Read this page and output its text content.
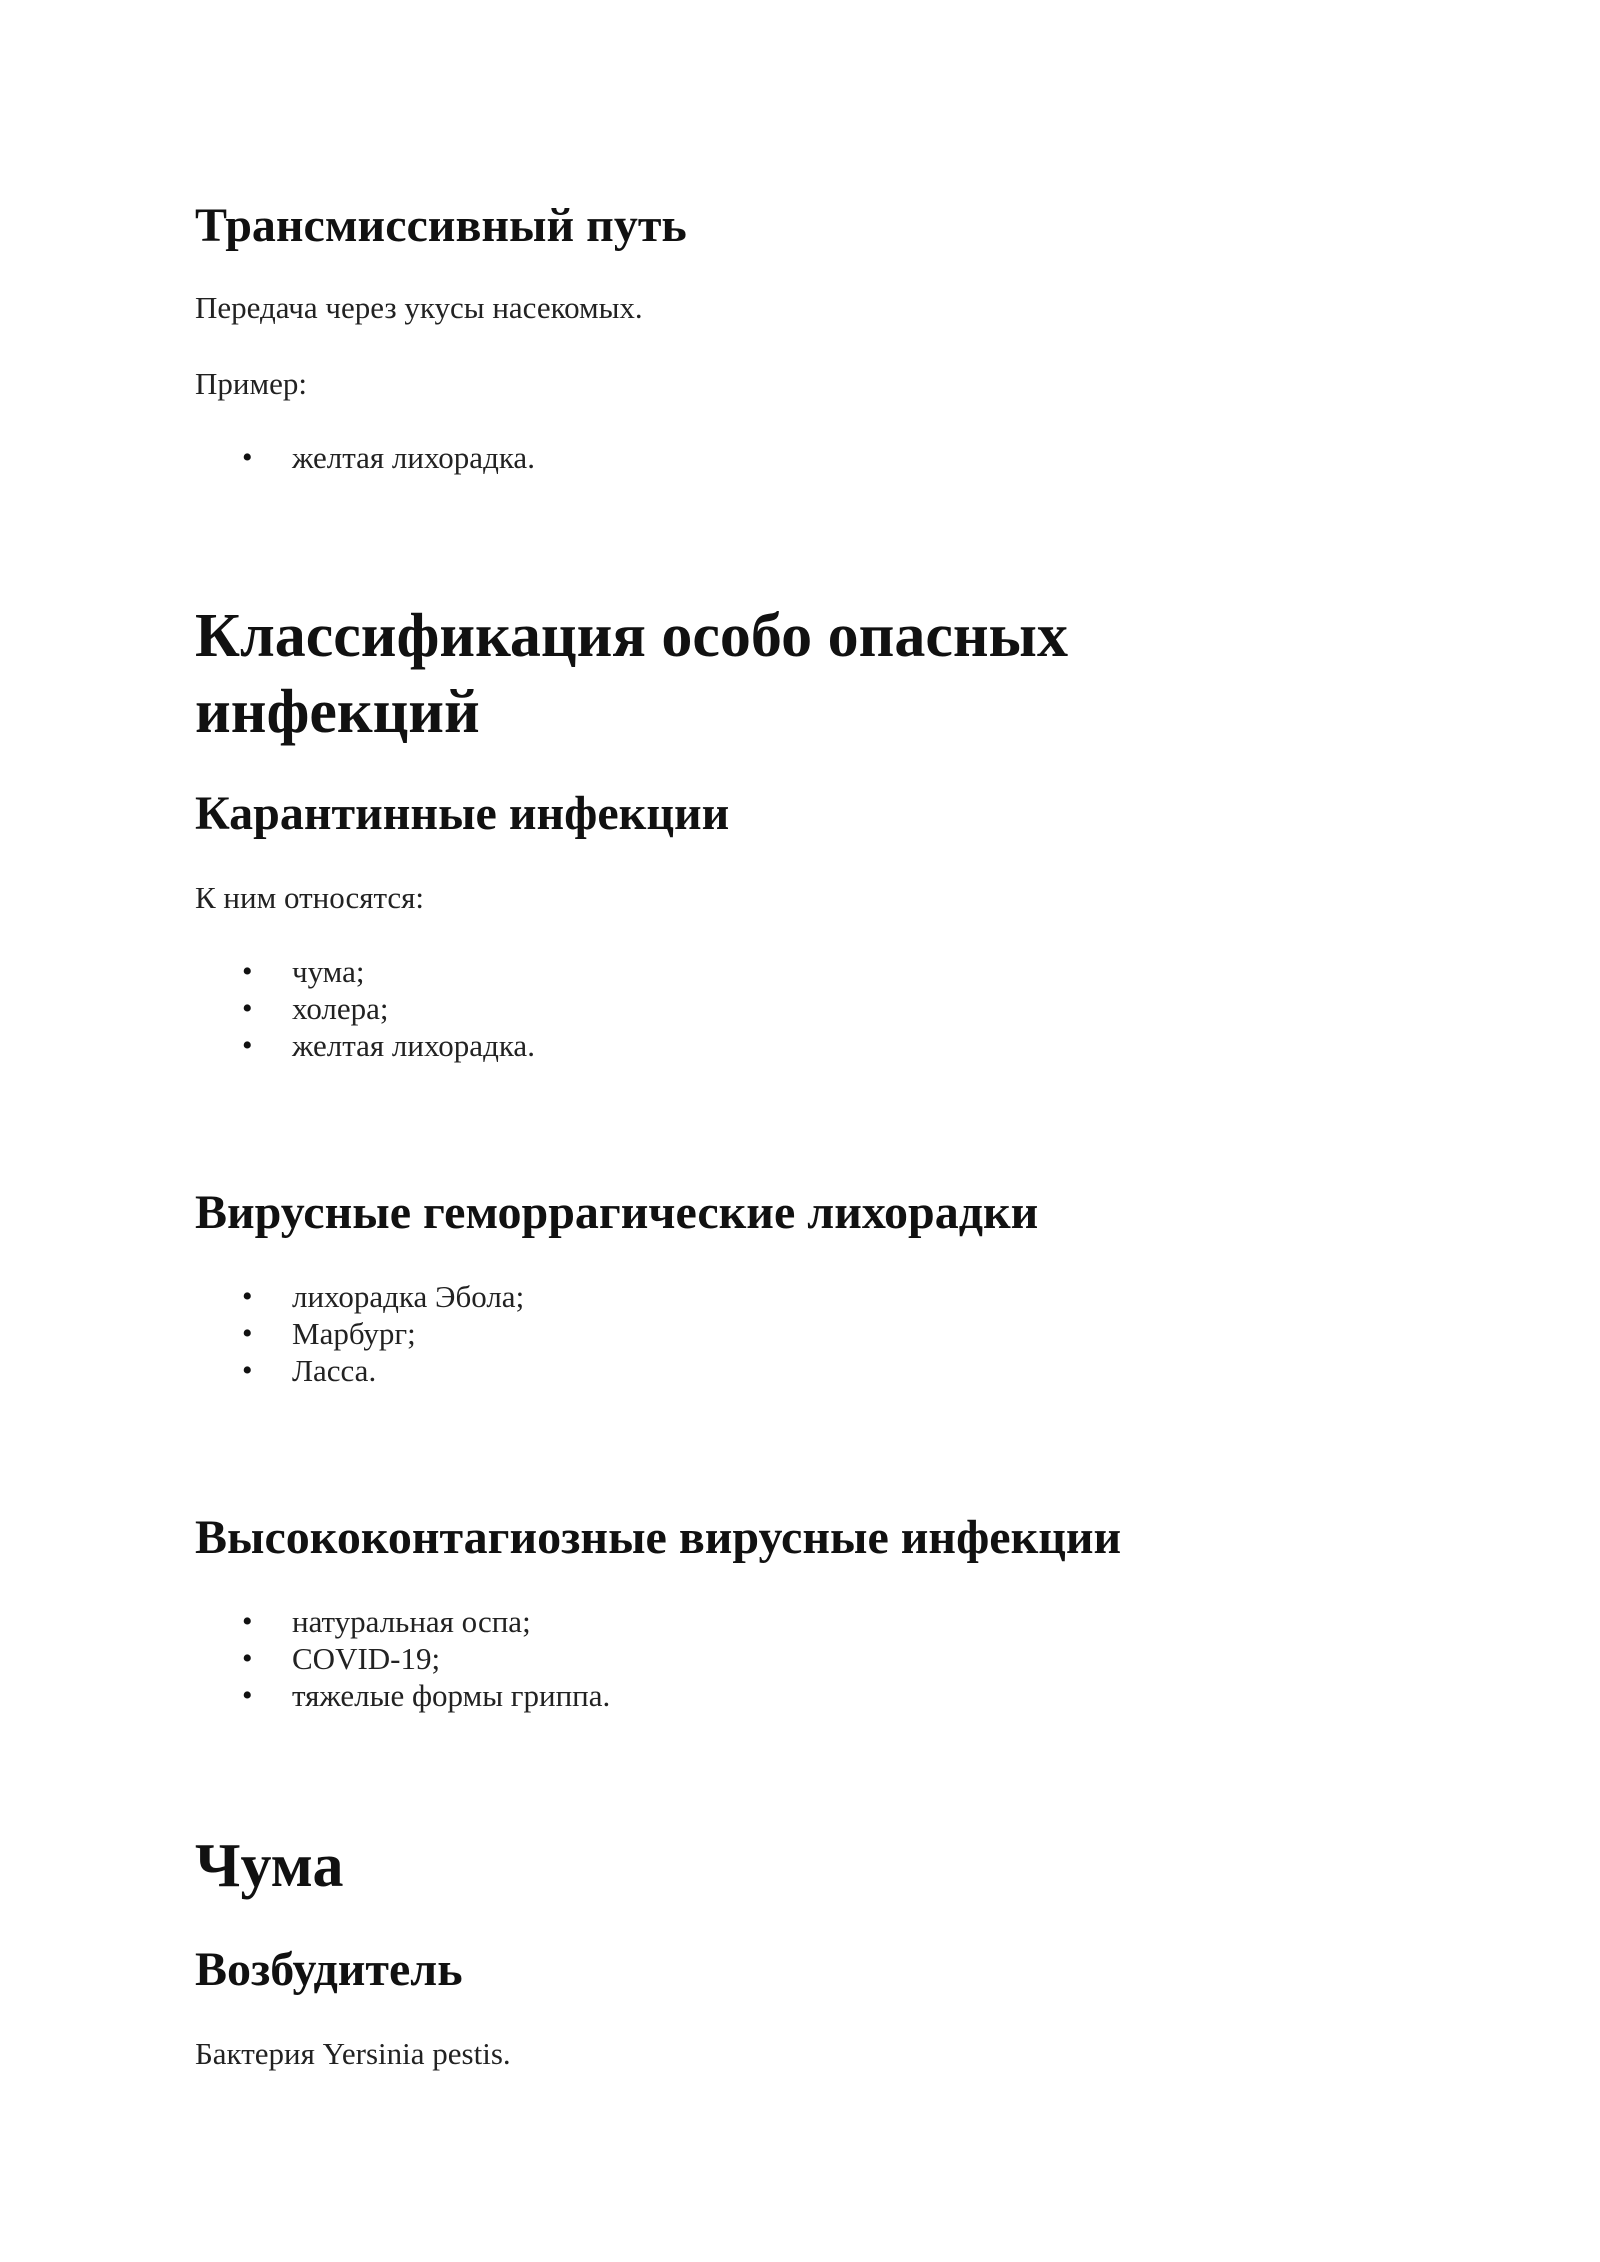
Трансмиссивный путь

Передача через укусы насекомых.

Пример:

• желтая лихорадка.
Классификация особо опасных
инфекций
Карантинные инфекции

К ним относятся:

• чума;
• холера;
• желтая лихорадка.
Вирусные геморрагические лихорадки
• лихорадка Эбола;
• Марбург;
• Ласса.
Высококонтагиозные вирусные инфекции
• натуральная оспа;
• COVID-19;
• тяжелые формы гриппа.
Чума
Возбудитель

Бактерия Yersinia pestis.
